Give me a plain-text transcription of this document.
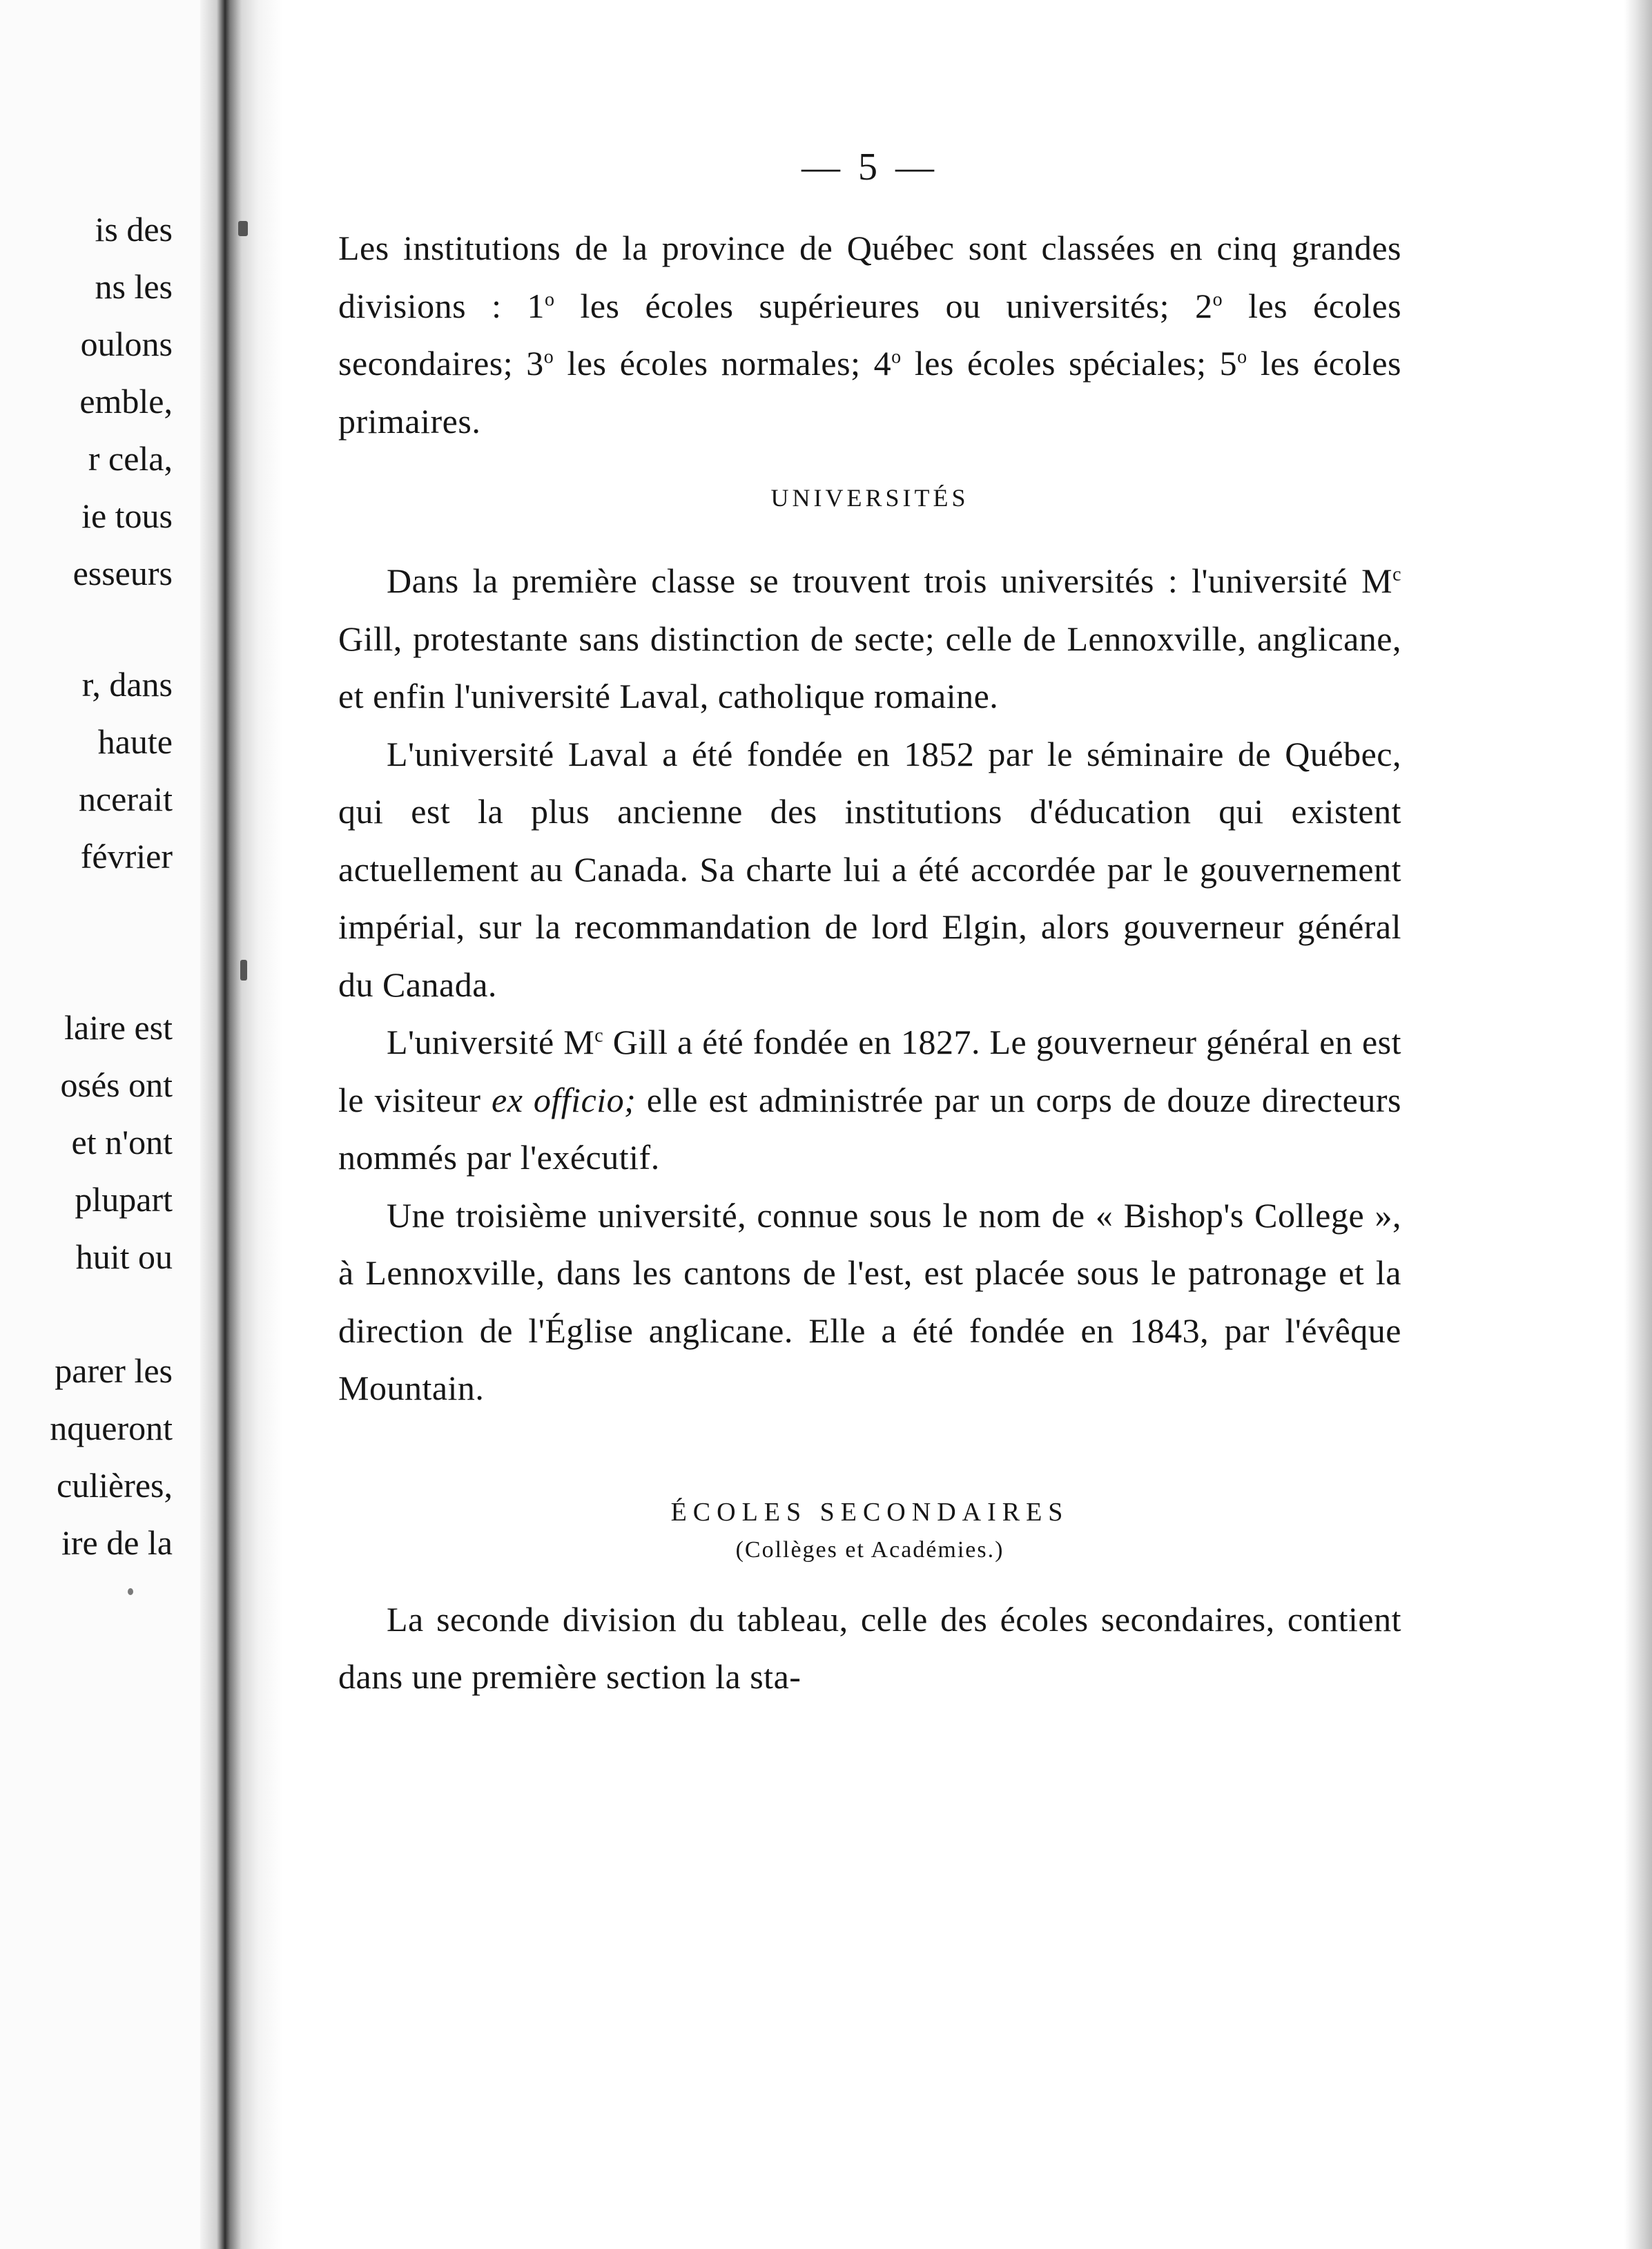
is des
ns les
oulons
emble,
r cela,
ie tous
esseurs
r, dans
haute
ncerait
février
laire est
osés ont
et n'ont
plupart
huit ou
parer les
nqueront
culières,
ire de la
— 5 —

Les institutions de la province de Québec sont classées en cinq grandes divisions : 1$^o$ les écoles supérieures ou universités; 2$^o$ les écoles secondaires; 3$^o$ les écoles normales; 4$^o$ les écoles spéciales; 5$^o$ les écoles primaires.

UNIVERSITÉS

Dans la première classe se trouvent trois universités : l'université $M^c$ Gill, protestante sans distinction de secte; celle de Lennoxville, anglicane, et enfin l'université Laval, catholique romaine.

L'université Laval a été fondée en 1852 par le séminaire de Québec, qui est la plus ancienne des institutions d'éducation qui existent actuellement au Canada. Sa charte lui a été accordée par le gouvernement impérial, sur la recommandation de lord Elgin, alors gouverneur général du Canada.

L'université $M^c$ Gill a été fondée en 1827. Le gouverneur général en est le visiteur ex officio; elle est administrée par un corps de douze directeurs nommés par l'exécutif.

Une troisième université, connue sous le nom de « Bishop's College », à Lennoxville, dans les cantons de l'est, est placée sous le patronage et la direction de l'Église anglicane. Elle a été fondée en 1843, par l'évêque Mountain.

ÉCOLES SECONDAIRES

(Collèges et Académies.)

La seconde division du tableau, celle des écoles secondaires, contient dans une première section la sta-
